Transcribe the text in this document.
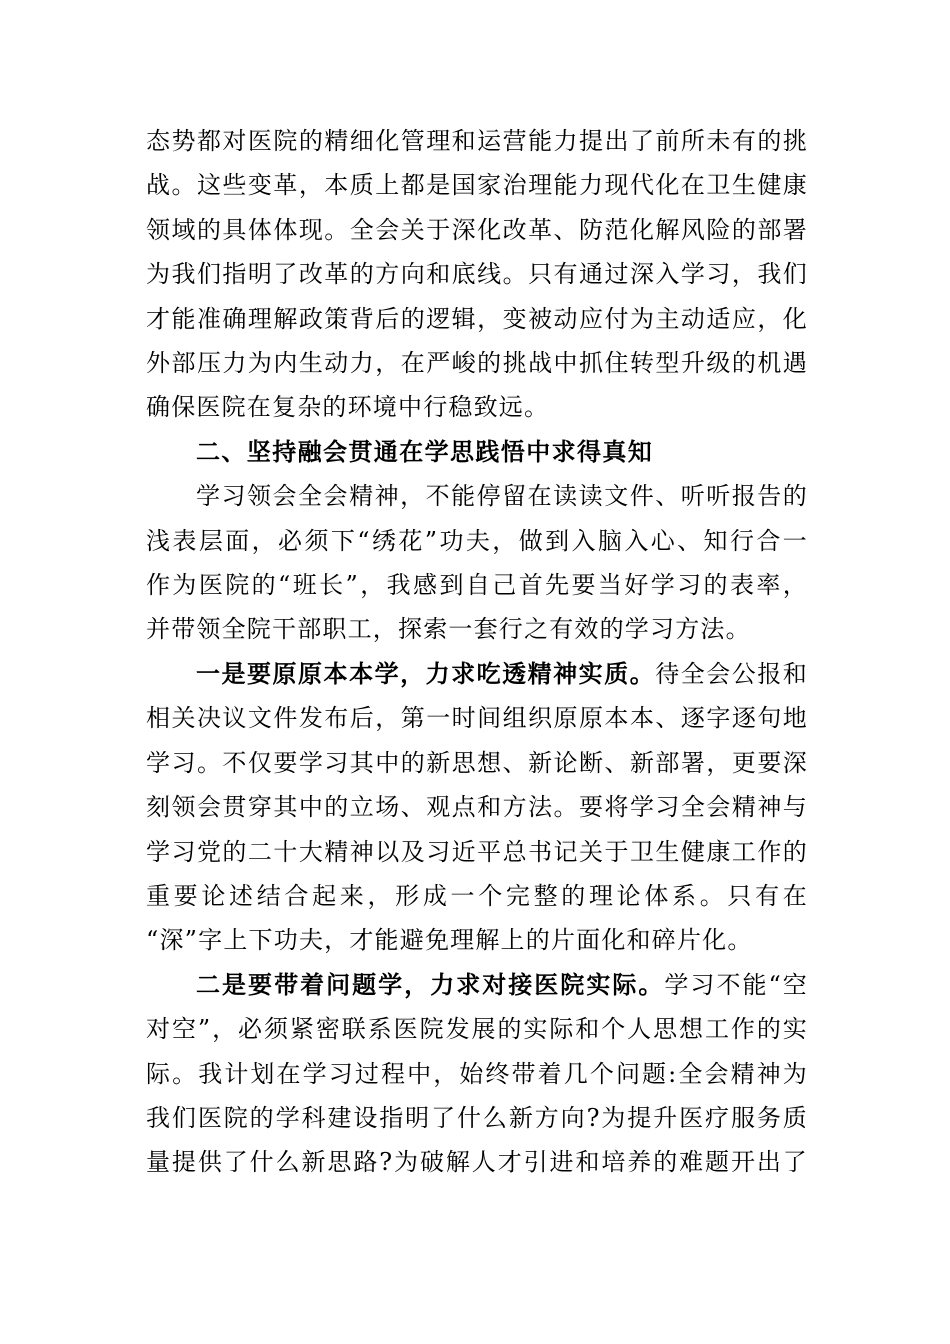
态势都对医院的精细化管理和运营能力提出了前所未有的挑
战。这些变革，本质上都是国家治理能力现代化在卫生健康
领域的具体体现。全会关于深化改革、防范化解风险的部署
为我们指明了改革的方向和底线。只有通过深入学习，我们
才能准确理解政策背后的逻辑，变被动应付为主动适应，化
外部压力为内生动力，在严峻的挑战中抓住转型升级的机遇
确保医院在复杂的环境中行稳致远。
二、坚持融会贯通在学思践悟中求得真知
学习领会全会精神，不能停留在读读文件、听听报告的
浅表层面，必须下“绣花”功夫，做到入脑入心、知行合一
作为医院的“班长”，我感到自己首先要当好学习的表率，
并带领全院干部职工，探索一套行之有效的学习方法。
一是要原原本本学，力求吃透精神实质。待全会公报和
相关决议文件发布后，第一时间组织原原本本、逐字逐句地
学习。不仅要学习其中的新思想、新论断、新部署，更要深
刻领会贯穿其中的立场、观点和方法。要将学习全会精神与
学习党的二十大精神以及习近平总书记关于卫生健康工作的
重要论述结合起来，形成一个完整的理论体系。只有在
“深”字上下功夫，才能避免理解上的片面化和碎片化。
二是要带着问题学，力求对接医院实际。学习不能“空
对空”，必须紧密联系医院发展的实际和个人思想工作的实
际。我计划在学习过程中，始终带着几个问题:全会精神为
我们医院的学科建设指明了什么新方向?为提升医疗服务质
量提供了什么新思路?为破解人才引进和培养的难题开出了
